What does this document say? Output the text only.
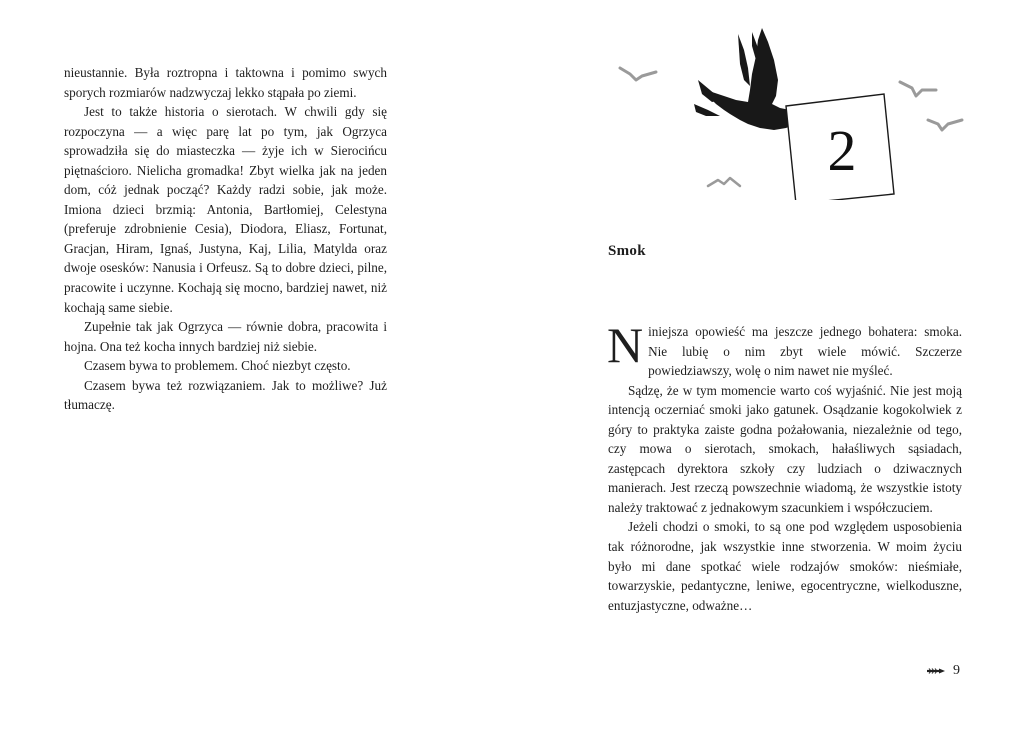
nieustannie. Była roztropna i taktowna i pomimo swych sporych rozmiarów nadzwyczaj lekko stąpała po ziemi.

Jest to także historia o sierotach. W chwili gdy się rozpoczyna — a więc parę lat po tym, jak Ogrzyca sprowadziła się do miasteczka — żyje ich w Sierocińcu piętnaścioro. Nielicha gromadka! Zbyt wielka jak na jeden dom, cóż jednak począć? Każdy radzi sobie, jak może. Imiona dzieci brzmią: Antonia, Bartłomiej, Celestyna (preferuje zdrobnienie Cesia), Diodora, Eliasz, Fortunat, Gracjan, Hiram, Ignaś, Justyna, Kaj, Lilia, Matylda oraz dwoje osesków: Nanusia i Orfeusz. Są to dobre dzieci, pilne, pracowite i uczynne. Kochają się mocno, bardziej nawet, niż kochają same siebie.

Zupełnie tak jak Ogrzyca — równie dobra, pracowita i hojna. Ona też kocha innych bardziej niż siebie.

Czasem bywa to problemem. Choć niezbyt często.

Czasem bywa też rozwiązaniem. Jak to możliwe? Już tłumaczę.

2
Smok

Niniejsza opowieść ma jeszcze jednego bohatera: smoka. Nie lubię o nim zbyt wiele mówić. Szczerze powiedziawszy, wolę o nim nawet nie myśleć.

Sądzę, że w tym momencie warto coś wyjaśnić. Nie jest moją intencją oczerniać smoki jako gatunek. Osądzanie kogokolwiek z góry to praktyka zaiste godna pożałowania, niezależnie od tego, czy mowa o sierotach, smokach, hałaśliwych sąsiadach, zastępcach dyrektora szkoły czy ludziach o dziwacznych manierach. Jest rzeczą powszechnie wiadomą, że wszystkie istoty należy traktować z jednakowym szacunkiem i współczuciem.

Jeżeli chodzi o smoki, to są one pod względem usposobienia tak różnorodne, jak wszystkie inne stworzenia. W moim życiu było mi dane spotkać wiele rodzajów smoków: nieśmiałe, towarzyskie, pedantyczne, leniwe, egocentryczne, wielkoduszne, entuzjastyczne, odważne…

9
